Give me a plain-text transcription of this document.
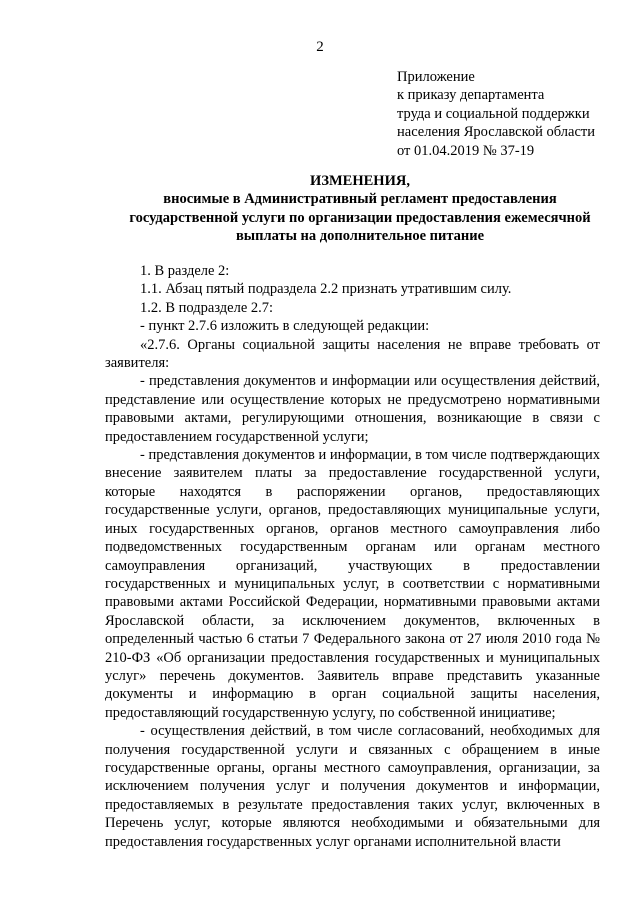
2
Приложение
к приказу департамента
труда и социальной поддержки
населения Ярославской области
от 01.04.2019 № 37-19
ИЗМЕНЕНИЯ,
вносимые в Административный регламент предоставления
государственной услуги по организации предоставления ежемесячной
выплаты на дополнительное питание

1. В разделе 2:

1.1. Абзац пятый подраздела 2.2 признать утратившим силу.

1.2. В подразделе 2.7:

- пункт 2.7.6 изложить в следующей редакции:

«2.7.6. Органы социальной защиты населения не вправе требовать от заявителя:

- представления документов и информации или осуществления действий, представление или осуществление которых не предусмотрено нормативными правовыми актами, регулирующими отношения, возникающие в связи с предоставлением государственной услуги;

- представления документов и информации, в том числе подтверждающих внесение заявителем платы за предоставление государственной услуги, которые находятся в распоряжении органов, предоставляющих государственные услуги, органов, предоставляющих муниципальные услуги, иных государственных органов, органов местного самоуправления либо подведомственных государственным органам или органам местного самоуправления организаций, участвующих в предоставлении государственных и муниципальных услуг, в соответствии с нормативными правовыми актами Российской Федерации, нормативными правовыми актами Ярославской области, за исключением документов, включенных в определенный частью 6 статьи 7 Федерального закона от 27 июля 2010 года № 210-ФЗ «Об организации предоставления государственных и муниципальных услуг» перечень документов. Заявитель вправе представить указанные документы и информацию в орган социальной защиты населения, предоставляющий государственную услугу, по собственной инициативе;

- осуществления действий, в том числе согласований, необходимых для получения государственной услуги и связанных с обращением в иные государственные органы, органы местного самоуправления, организации, за исключением получения услуг и получения документов и информации, предоставляемых в результате предоставления таких услуг, включенных в Перечень услуг, которые являются необходимыми и обязательными для предоставления государственных услуг органами исполнительной власти
